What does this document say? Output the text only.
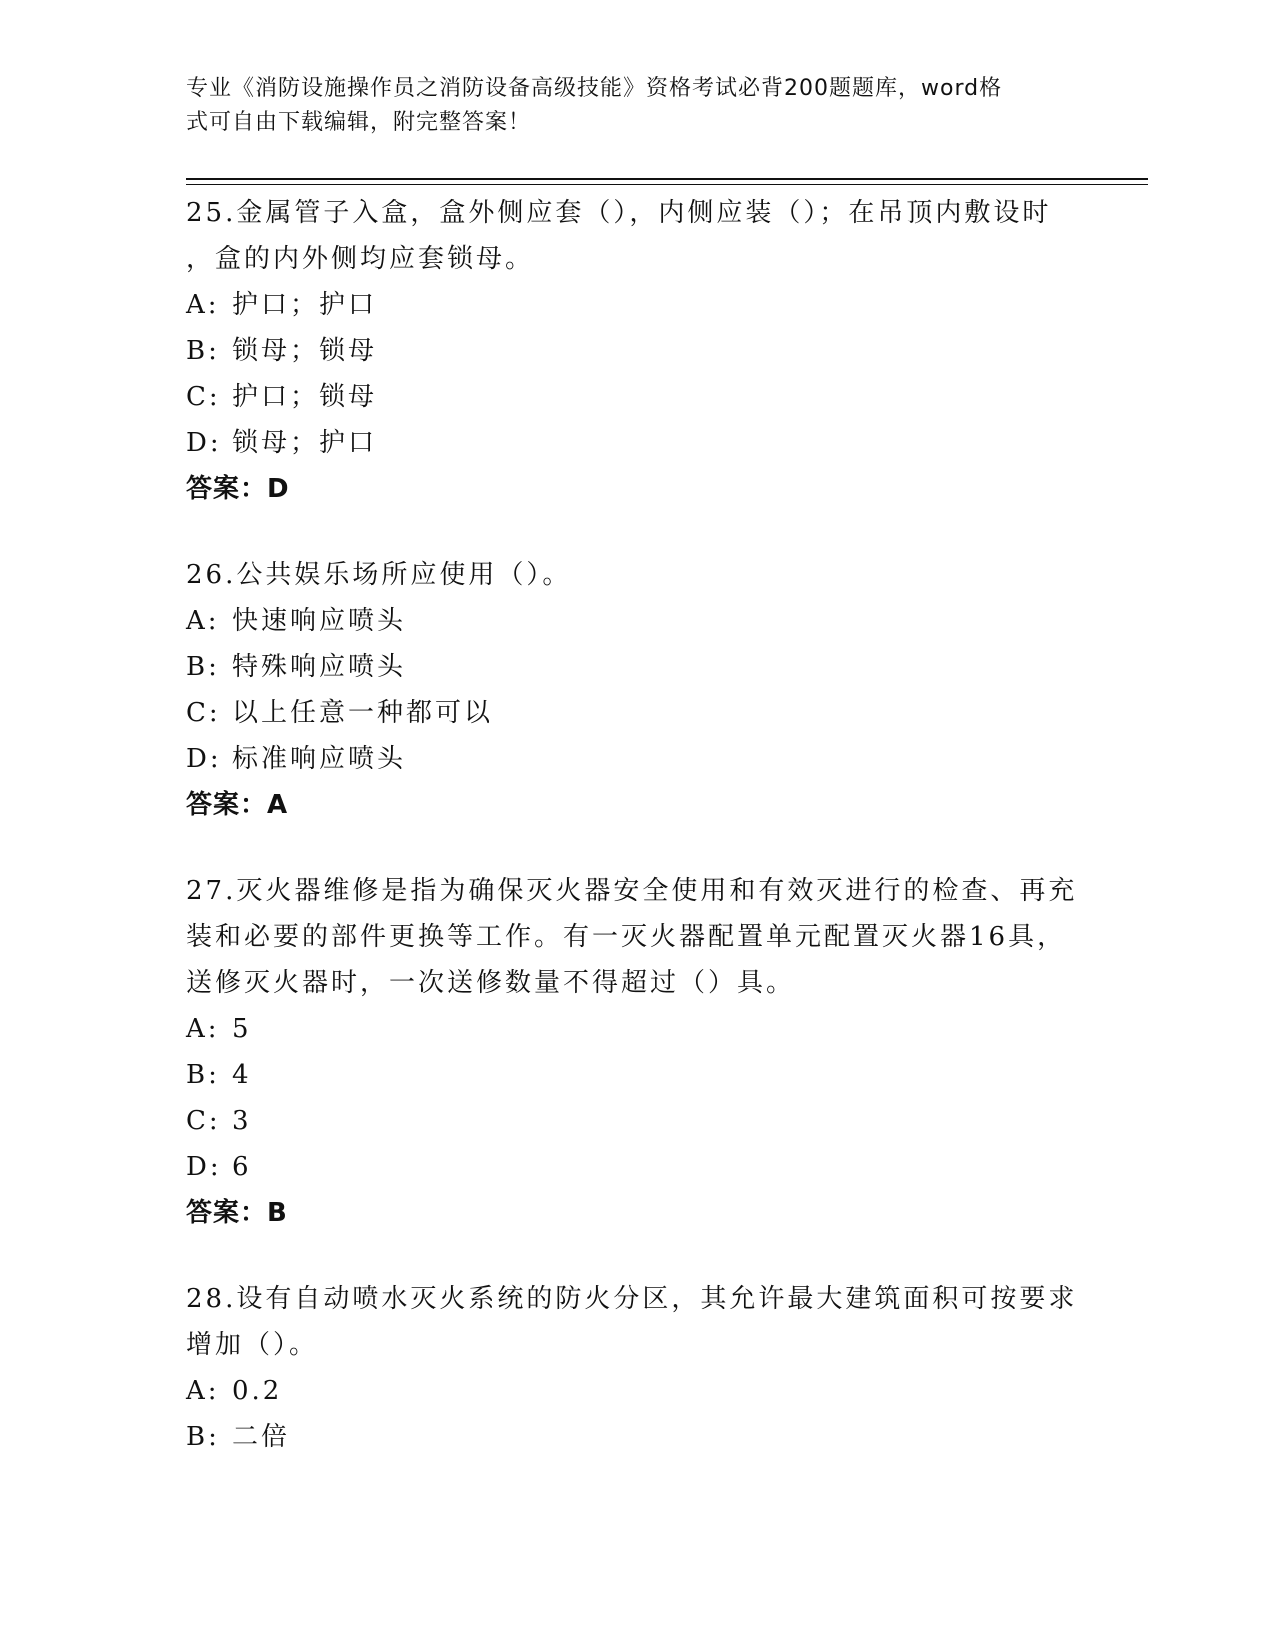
专业《消防设施操作员之消防设备高级技能》资格考试必背200题题库，word格
式可自由下载编辑，附完整答案！
25.金属管子入盒，盒外侧应套（），内侧应装（）；在吊顶内敷设时
，盒的内外侧均应套锁母。
A: 护口；护口
B: 锁母；锁母
C: 护口；锁母
D: 锁母；护口
答案：D
26.公共娱乐场所应使用（）。
A: 快速响应喷头
B: 特殊响应喷头
C: 以上任意一种都可以
D: 标准响应喷头
答案：A
27.灭火器维修是指为确保灭火器安全使用和有效灭进行的检查、再充
装和必要的部件更换等工作。有一灭火器配置单元配置灭火器16具，
送修灭火器时，一次送修数量不得超过（）具。
A: 5
B: 4
C: 3
D: 6
答案：B
28.设有自动喷水灭火系统的防火分区，其允许最大建筑面积可按要求
增加（）。
A: 0.2
B: 二倍
